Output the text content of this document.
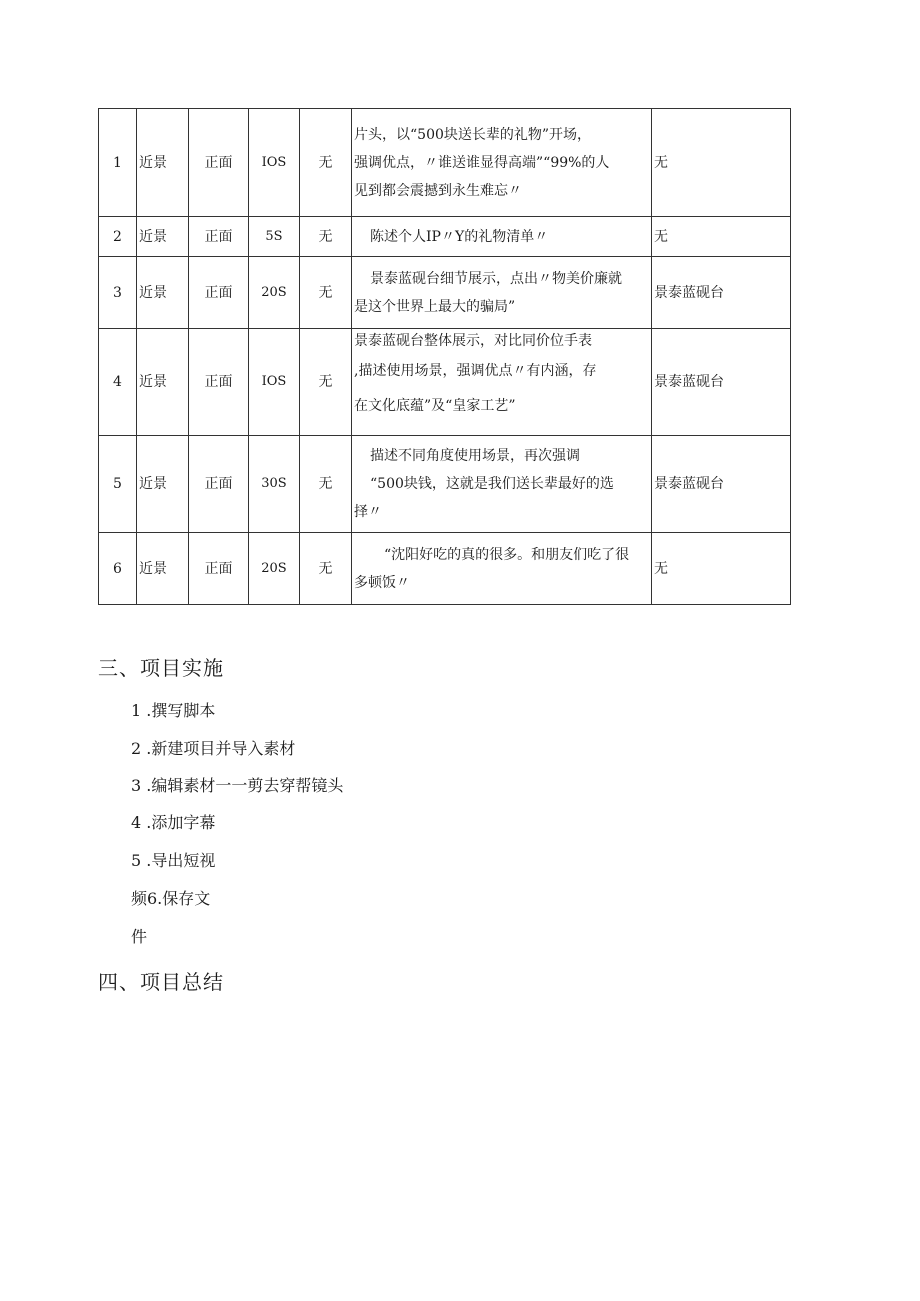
1	近景	正面	IOS	无	片头，以“500块送长辈的礼物”开场，
强调优点，〃谁送谁显得高端”“99%的人
见到都会震撼到永生难忘〃	无
2	近景	正面	5S	无	陈述个人IP〃Y的礼物清单〃	无
3	近景	正面	20S	无	景泰蓝砚台细节展示，点出〃物美价廉就
是这个世界上最大的骗局”	景泰蓝砚台
4	近景	正面	IOS	无	景泰蓝砚台整体展示，对比同价位手表
,描述使用场景，强调优点〃有内涵，存
在文化底蕴”及“皇家工艺”	景泰蓝砚台
5	近景	正面	30S	无	描述不同角度使用场景，再次强调
“500块钱，这就是我们送长辈最好的选
择〃	景泰蓝砚台
6	近景	正面	20S	无	“沈阳好吃的真的很多。和朋友们吃了很
多顿饭〃	无
三、项目实施
1 .撰写脚本
2 .新建项目并导入素材
3 .编辑素材一一剪去穿帮镜头
4 .添加字幕
5 .导出短视
频6.保存文
件
四、项目总结
